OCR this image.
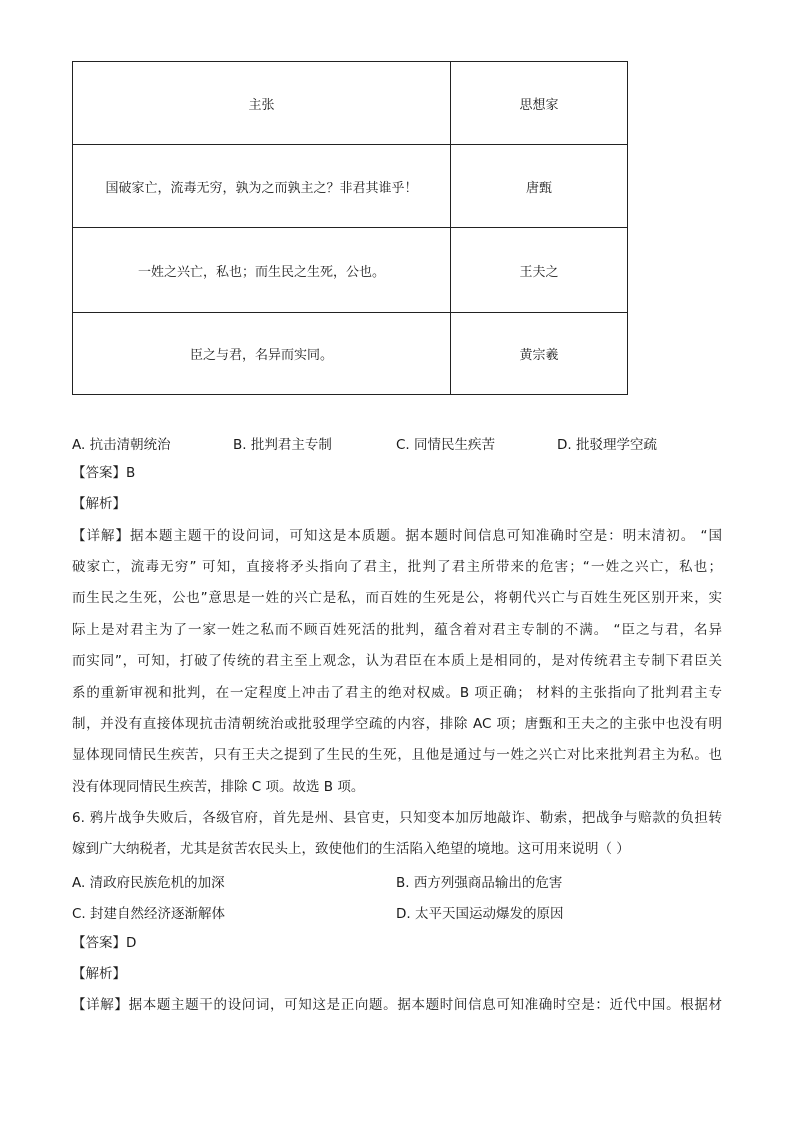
主张	思想家
国破家亡，流毒无穷，孰为之而孰主之？非君其谁乎！	唐甄
一姓之兴亡，私也；而生民之生死，公也。	王夫之
臣之与君，名异而实同。	黄宗羲
A. 抗击清朝统治	B. 批判君主专制	C. 同情民生疾苦	D. 批驳理学空疏
【答案】B
【解析】
【详解】据本题主题干的设问词，可知这是本质题。据本题时间信息可知准确时空是：明末清初。 “国
破家亡，流毒无穷” 可知，直接将矛头指向了君主，批判了君主所带来的危害；“一姓之兴亡，私也；
而生民之生死，公也”意思是一姓的兴亡是私，而百姓的生死是公，将朝代兴亡与百姓生死区别开来，实
际上是对君主为了一家一姓之私而不顾百姓死活的批判，蕴含着对君主专制的不满。 “臣之与君，名异
而实同”，可知，打破了传统的君主至上观念，认为君臣在本质上是相同的，是对传统君主专制下君臣关
系的重新审视和批判，在一定程度上冲击了君主的绝对权威。B 项正确； 材料的主张指向了批判君主专
制，并没有直接体现抗击清朝统治或批驳理学空疏的内容，排除 AC 项；唐甄和王夫之的主张中也没有明
显体现同情民生疾苦，只有王夫之提到了生民的生死，且他是通过与一姓之兴亡对比来批判君主为私。也
没有体现同情民生疾苦，排除 C 项。故选 B 项。
6. 鸦片战争失败后，各级官府，首先是州、县官吏，只知变本加厉地敲诈、勒索，把战争与赔款的负担转
嫁到广大纳税者，尤其是贫苦农民头上，致使他们的生活陷入绝望的境地。这可用来说明（ ）
A. 清政府民族危机的加深	B. 西方列强商品输出的危害
C. 封建自然经济逐渐解体	D. 太平天国运动爆发的原因
【答案】D
【解析】
【详解】据本题主题干的设问词，可知这是正向题。据本题时间信息可知准确时空是：近代中国。根据材
